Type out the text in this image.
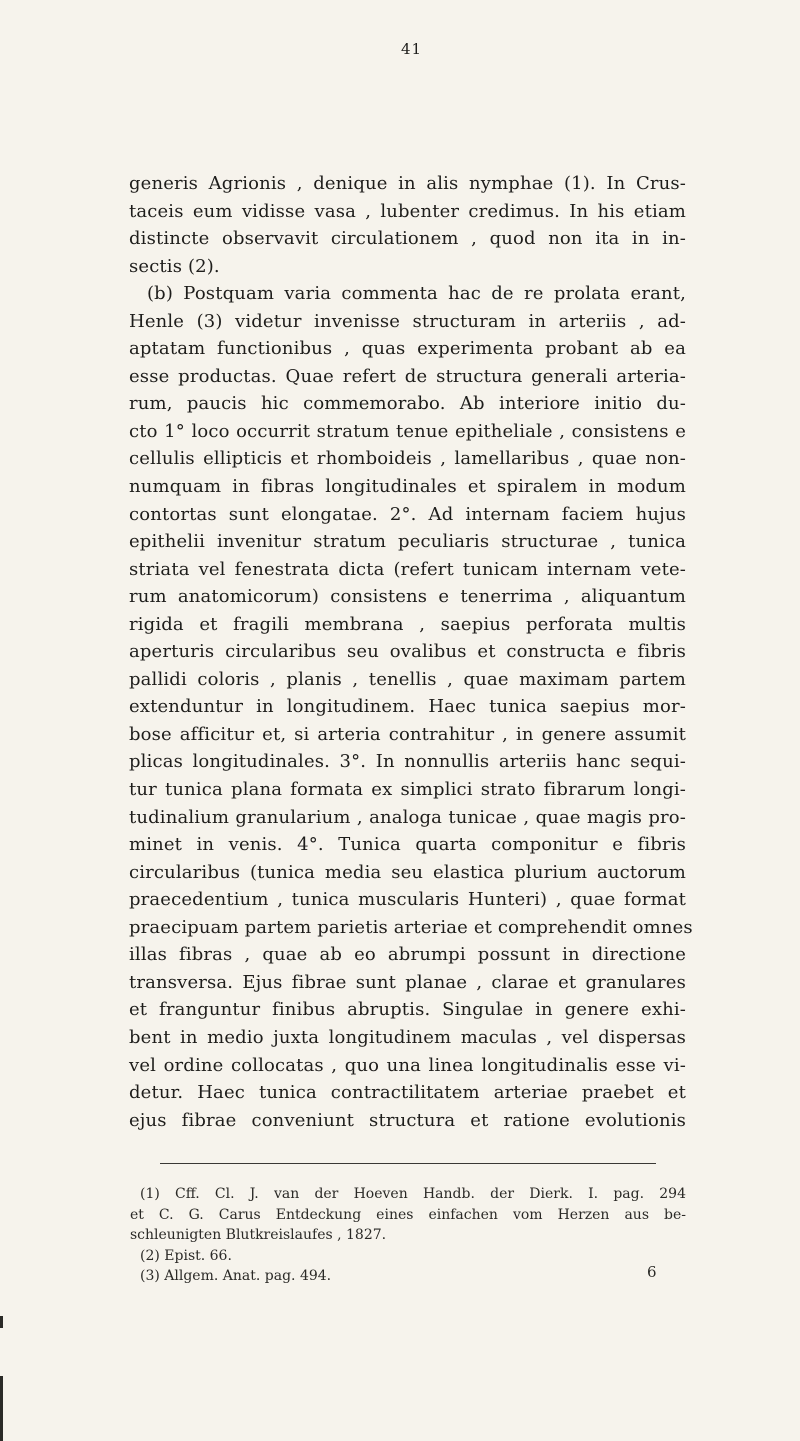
41
generis Agrionis , denique in alis nymphae (1). In Crus-
taceis eum vidisse vasa , lubenter credimus. In his etiam
distincte observavit circulationem , quod non ita in in-
sectis (2).
(b) Postquam varia commenta hac de re prolata erant,
Henle (3) videtur invenisse structuram in arteriis , ad-
aptatam functionibus , quas experimenta probant ab ea
esse productas. Quae refert de structura generali arteria-
rum, paucis hic commemorabo. Ab interiore initio du-
cto 1° loco occurrit stratum tenue epitheliale , consistens e
cellulis ellipticis et rhomboideis , lamellaribus , quae non-
numquam in fibras longitudinales et spiralem in modum
contortas sunt elongatae. 2°. Ad internam faciem hujus
epithelii invenitur stratum peculiaris structurae , tunica
striata vel fenestrata dicta (refert tunicam internam vete-
rum anatomicorum) consistens e tenerrima , aliquantum
rigida et fragili membrana , saepius perforata multis
aperturis circularibus seu ovalibus et constructa e fibris
pallidi coloris , planis , tenellis , quae maximam partem
extenduntur in longitudinem. Haec tunica saepius mor-
bose afficitur et, si arteria contrahitur , in genere assumit
plicas longitudinales. 3°. In nonnullis arteriis hanc sequi-
tur tunica plana formata ex simplici strato fibrarum longi-
tudinalium granularium , analoga tunicae , quae magis pro-
minet in venis. 4°. Tunica quarta componitur e fibris
circularibus (tunica media seu elastica plurium auctorum
praecedentium , tunica muscularis Hunteri) , quae format
praecipuam partem parietis arteriae et comprehendit omnes
illas fibras , quae ab eo abrumpi possunt in directione
transversa. Ejus fibrae sunt planae , clarae et granulares
et franguntur finibus abruptis. Singulae in genere exhi-
bent in medio juxta longitudinem maculas , vel dispersas
vel ordine collocatas , quo una linea longitudinalis esse vi-
detur. Haec tunica contractilitatem arteriae praebet et
ejus fibrae conveniunt structura et ratione evolutionis
(1) Cff. Cl. J. van der Hoeven Handb. der Dierk. I. pag. 294
et C. G. Carus Entdeckung eines einfachen vom Herzen aus be-
schleunigten Blutkreislaufes , 1827.
(2) Epist. 66.
(3) Allgem. Anat. pag. 494.	6
